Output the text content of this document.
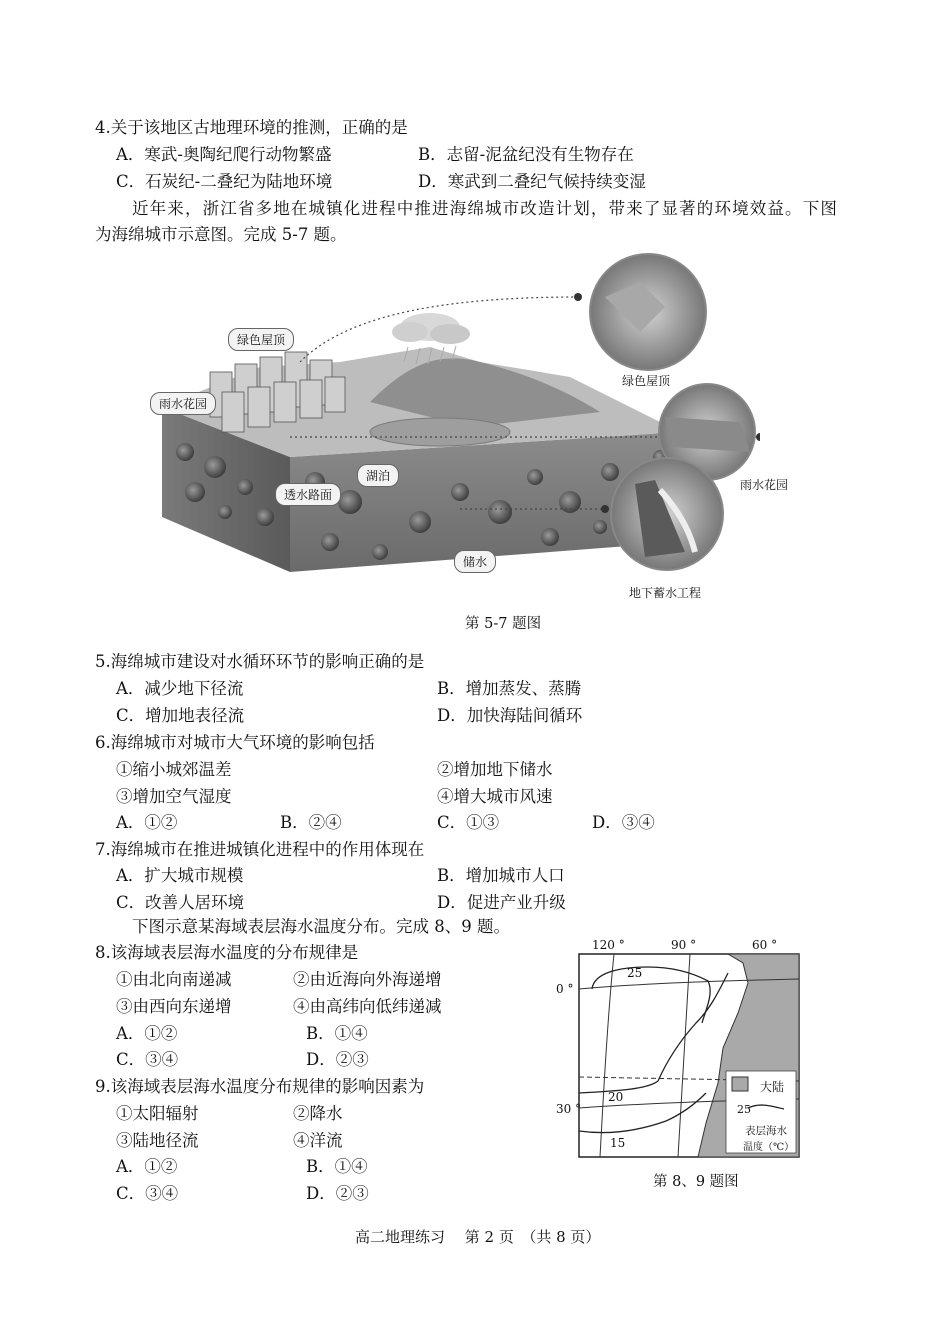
4.关于该地区古地理环境的推测，正确的是
A．寒武-奥陶纪爬行动物繁盛	B．志留-泥盆纪没有生物存在
C．石炭纪-二叠纪为陆地环境	D．寒武到二叠纪气候持续变湿
近年来，浙江省多地在城镇化进程中推进海绵城市改造计划，带来了显著的环境效益。下图
为海绵城市示意图。完成 5-7 题。
绿色屋顶
雨水花园
湖泊
透水路面
储水
绿色屋顶
雨水花园
地下蓄水工程
第 5-7 题图
5.海绵城市建设对水循环环节的影响正确的是
A．减少地下径流	B．增加蒸发、蒸腾
C．增加地表径流	D．加快海陆间循环
6.海绵城市对城市大气环境的影响包括
①缩小城郊温差	②增加地下储水
③增加空气湿度	④增大城市风速
A．①②	B．②④	C．①③	D．③④
7.海绵城市在推进城镇化进程中的作用体现在
A．扩大城市规模	B．增加城市人口
C．改善人居环境	D．促进产业升级
下图示意某海域表层海水温度分布。完成 8、9 题。
8.该海域表层海水温度的分布规律是
①由北向南递减	②由近海向外海递增
③由西向东递增	④由高纬向低纬递减
A．①②	B．①④
C．③④	D．②③
9.该海域表层海水温度分布规律的影响因素为
①太阳辐射	②降水
③陆地径流	④洋流
A．①②	B．①④
C．③④	D．②③
120 °	90 °	60 °
0 °
30 °
25
20
15
大陆
25
表层海水
温度（℃）
第 8、9 题图
高二地理练习　 第 2 页　（共 8 页）
